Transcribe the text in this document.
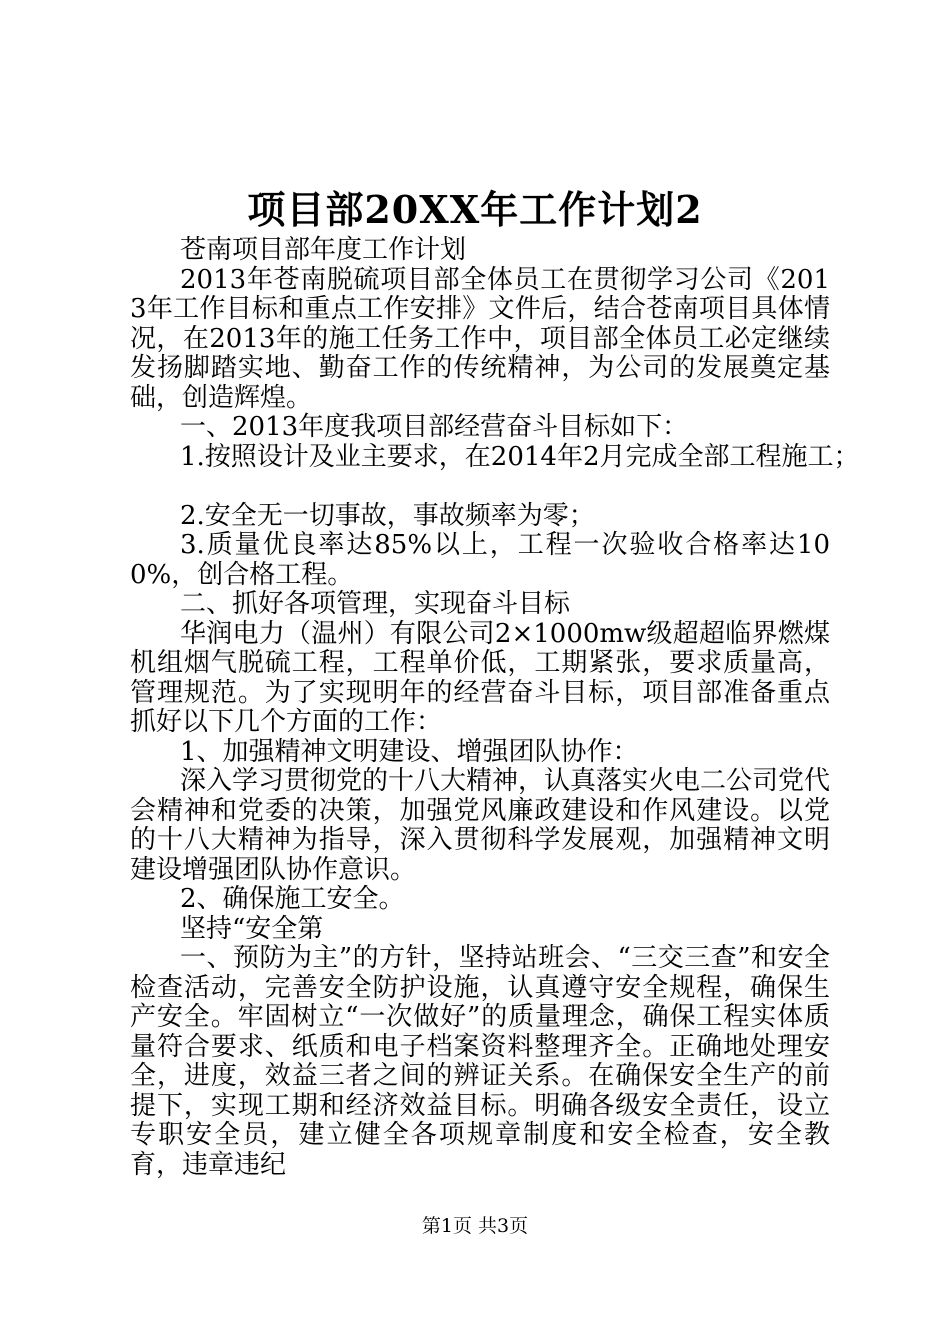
项目部20XX年工作计划2

苍南项目部年度工作计划

2013年苍南脱硫项目部全体员工在贯彻学习公司《2013年工作目标和重点工作安排》文件后，结合苍南项目具体情况，在2013年的施工任务工作中，项目部全体员工必定继续发扬脚踏实地、勤奋工作的传统精神，为公司的发展奠定基础，创造辉煌。

一、2013年度我项目部经营奋斗目标如下：

1.按照设计及业主要求，在2014年2月完成全部工程施工；

2.安全无一切事故，事故频率为零；

3.质量优良率达85%以上，工程一次验收合格率达100%，创合格工程。

二、抓好各项管理，实现奋斗目标

华润电力（温州）有限公司2×1000mw级超超临界燃煤机组烟气脱硫工程，工程单价低，工期紧张，要求质量高，管理规范。为了实现明年的经营奋斗目标，项目部准备重点抓好以下几个方面的工作：

1、加强精神文明建设、增强团队协作：

深入学习贯彻党的十八大精神，认真落实火电二公司党代会精神和党委的决策，加强党风廉政建设和作风建设。以党的十八大精神为指导，深入贯彻科学发展观，加强精神文明建设增强团队协作意识。

2、确保施工安全。

坚持“安全第

一、预防为主”的方针，坚持站班会、“三交三查”和安全检查活动，完善安全防护设施，认真遵守安全规程，确保生产安全。牢固树立“一次做好”的质量理念，确保工程实体质量符合要求、纸质和电子档案资料整理齐全。正确地处理安全，进度，效益三者之间的辨证关系。在确保安全生产的前提下，实现工期和经济效益目标。明确各级安全责任，设立专职安全员，建立健全各项规章制度和安全检查，安全教育，违章违纪

第1页 共3页
